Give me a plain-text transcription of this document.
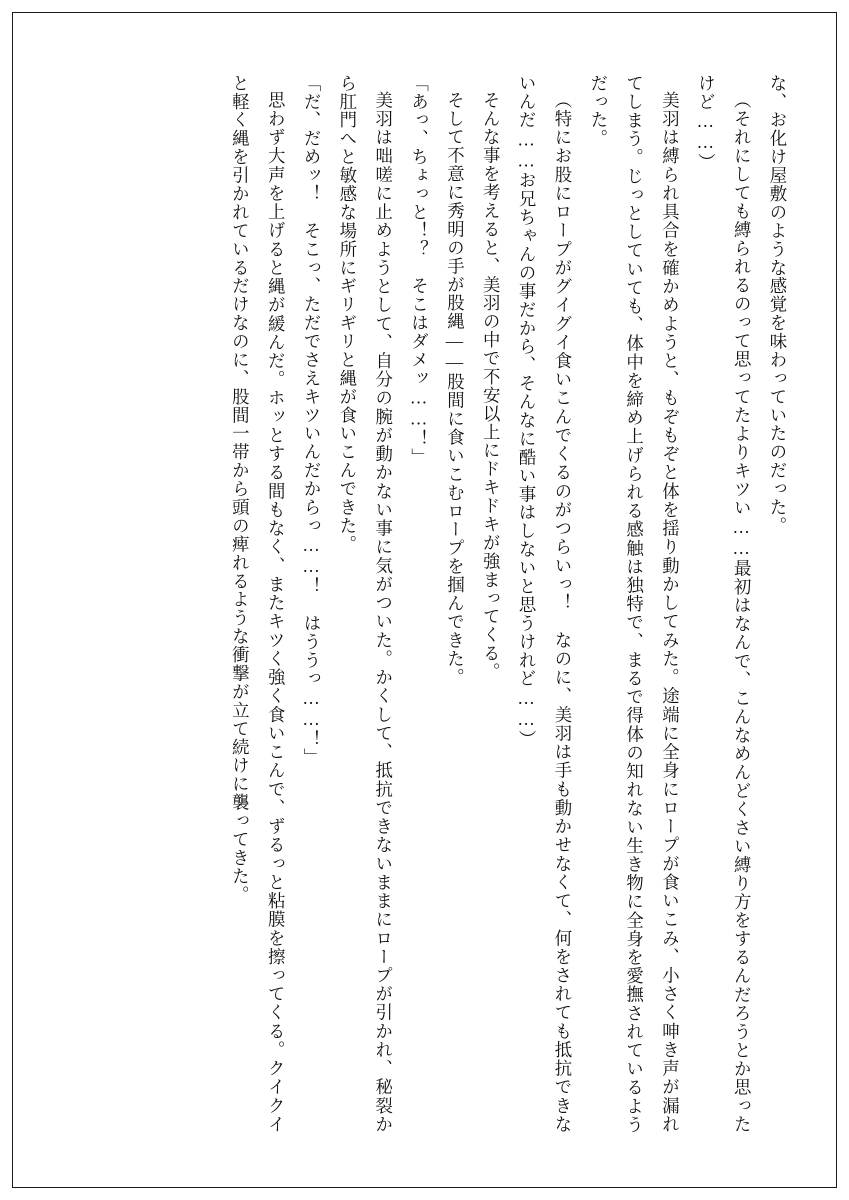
な、お化け屋敷のような感覚を味わっていたのだった。

（それにしても縛られるのって思ってたよりキツい……最初はなんで、こんなめんどくさい縛り方をするんだろうとか思ったけど……）

美羽は縛られ具合を確かめようと、もぞもぞと体を揺り動かしてみた。途端に全身にロープが食いこみ、小さく呻き声が漏れてしまう。じっとしていても、体中を締め上げられる感触は独特で、まるで得体の知れない生き物に全身を愛撫されているようだった。

（特にお股にロープがグイグイ食いこんでくるのがつらいっ！　なのに、美羽は手も動かせなくて、何をされても抵抗できないんだ……お兄ちゃんの事だから、そんなに酷い事はしないと思うけれど……）

そんな事を考えると、美羽の中で不安以上にドキドキが強まってくる。

そして不意に秀明の手が股縄――股間に食いこむロープを掴んできた。

「あっ、ちょっと！？　そこはダメッ……！」

美羽は咄嗟に止めようとして、自分の腕が動かない事に気がついた。かくして、抵抗できないままにロープが引かれ、秘裂から肛門へと敏感な場所にギリギリと縄が食いこんできた。

「だ、だめッ！　そこっ、ただでさえキツいんだからっ……！　はううっ……！」

思わず大声を上げると縄が緩んだ。ホッとする間もなく、またキツく強く食いこんで、ずるっと粘膜を擦ってくる。クイクイと軽く縄を引かれているだけなのに、股間一帯から頭の痺れるような衝撃が立て続けに襲ってきた。
